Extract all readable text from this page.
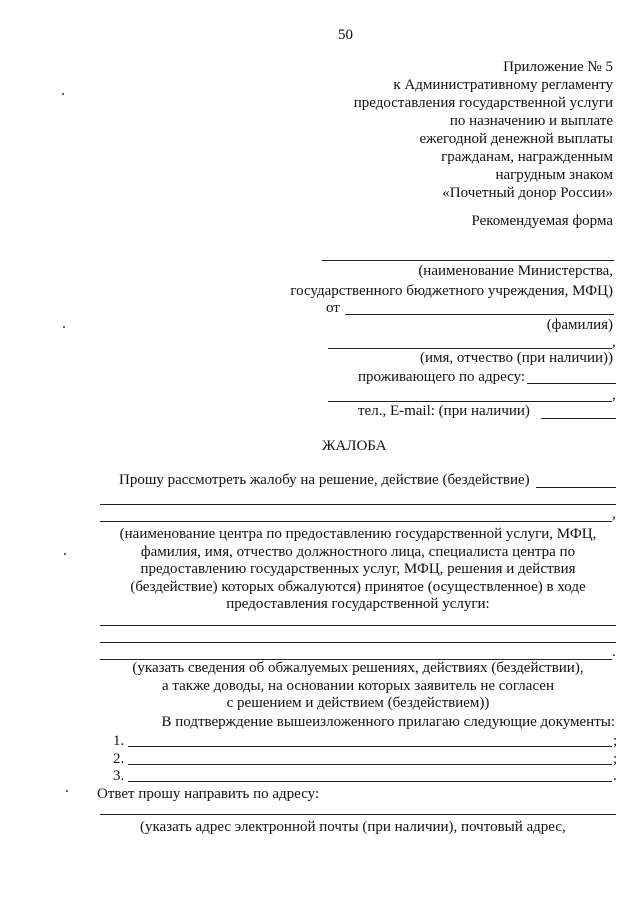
50
Приложение № 5
к Административному регламенту
предоставления государственной услуги
по назначению и выплате
ежегодной денежной выплаты
гражданам, награжденным
нагрудным знаком
«Почетный донор России»
Рекомендуемая форма
(наименование Министерства,
государственного бюджетного учреждения, МФЦ)
от
(фамилия)
,
(имя, отчество (при наличии))
проживающего по адресу:
,
тел., E-mail: (при наличии)
ЖАЛОБА
Прошу рассмотреть жалобу на решение, действие (бездействие)
,
(наименование центра по предоставлению государственной услуги, МФЦ,
фамилия, имя, отчество должностного лица, специалиста центра по
предоставлению государственных услуг, МФЦ, решения и действия
(бездействие) которых обжалуются) принятое (осуществленное) в ходе
предоставления государственной услуги:
.
(указать сведения об обжалуемых решениях, действиях (бездействии),
а также доводы, на основании которых заявитель не согласен
с решением и действием (бездействием))
В подтверждение вышеизложенного прилагаю следующие документы:
1.	;
2.	;
3.	.
Ответ прошу направить по адресу:
(указать адрес электронной почты (при наличии), почтовый адрес,
